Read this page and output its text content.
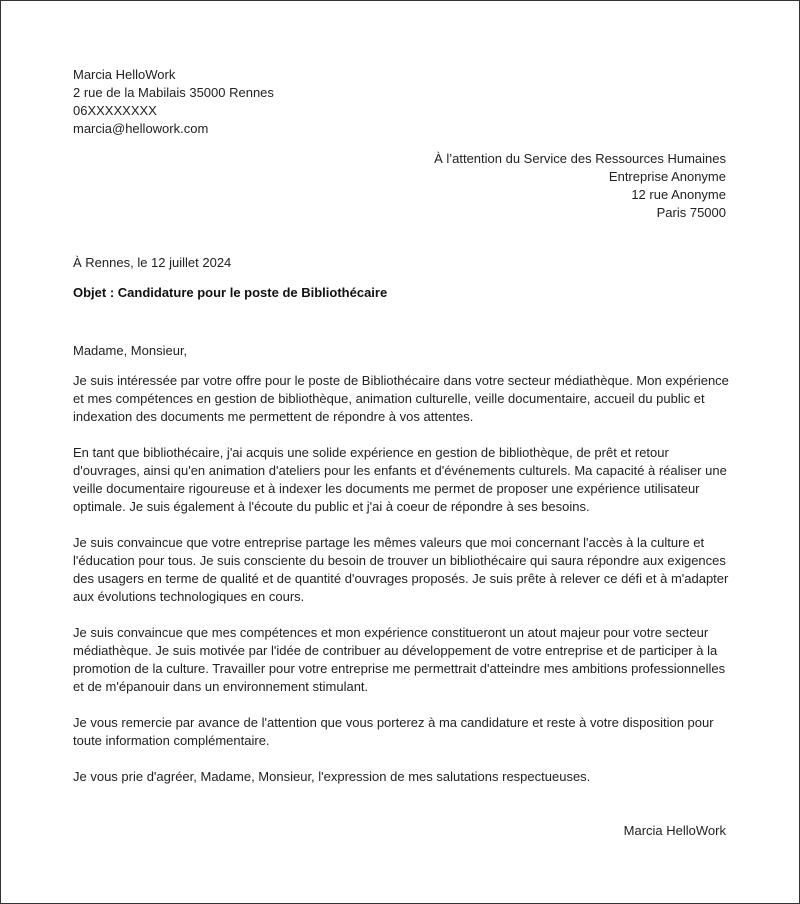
Marcia HelloWork
2 rue de la Mabilais 35000 Rennes
06XXXXXXXX
marcia@hellowork.com
À l’attention du Service des Ressources Humaines
Entreprise Anonyme
12 rue Anonyme
Paris 75000
À Rennes, le 12 juillet 2024
Objet : Candidature pour le poste de Bibliothécaire
Madame, Monsieur,

Je suis intéressée par votre offre pour le poste de Bibliothécaire dans votre secteur médiathèque. Mon expérience et mes compétences en gestion de bibliothèque, animation culturelle, veille documentaire, accueil du public et indexation des documents me permettent de répondre à vos attentes.

En tant que bibliothécaire, j'ai acquis une solide expérience en gestion de bibliothèque, de prêt et retour d'ouvrages, ainsi qu'en animation d'ateliers pour les enfants et d'événements culturels. Ma capacité à réaliser une veille documentaire rigoureuse et à indexer les documents me permet de proposer une expérience utilisateur optimale. Je suis également à l'écoute du public et j'ai à coeur de répondre à ses besoins.

Je suis convaincue que votre entreprise partage les mêmes valeurs que moi concernant l'accès à la culture et l'éducation pour tous. Je suis consciente du besoin de trouver un bibliothécaire qui saura répondre aux exigences des usagers en terme de qualité et de quantité d'ouvrages proposés. Je suis prête à relever ce défi et à m'adapter aux évolutions technologiques en cours.

Je suis convaincue que mes compétences et mon expérience constitueront un atout majeur pour votre secteur médiathèque. Je suis motivée par l'idée de contribuer au développement de votre entreprise et de participer à la promotion de la culture. Travailler pour votre entreprise me permettrait d'atteindre mes ambitions professionnelles et de m'épanouir dans un environnement stimulant.

Je vous remercie par avance de l'attention que vous porterez à ma candidature et reste à votre disposition pour toute information complémentaire.

Je vous prie d'agréer, Madame, Monsieur, l'expression de mes salutations respectueuses.

Marcia HelloWork
